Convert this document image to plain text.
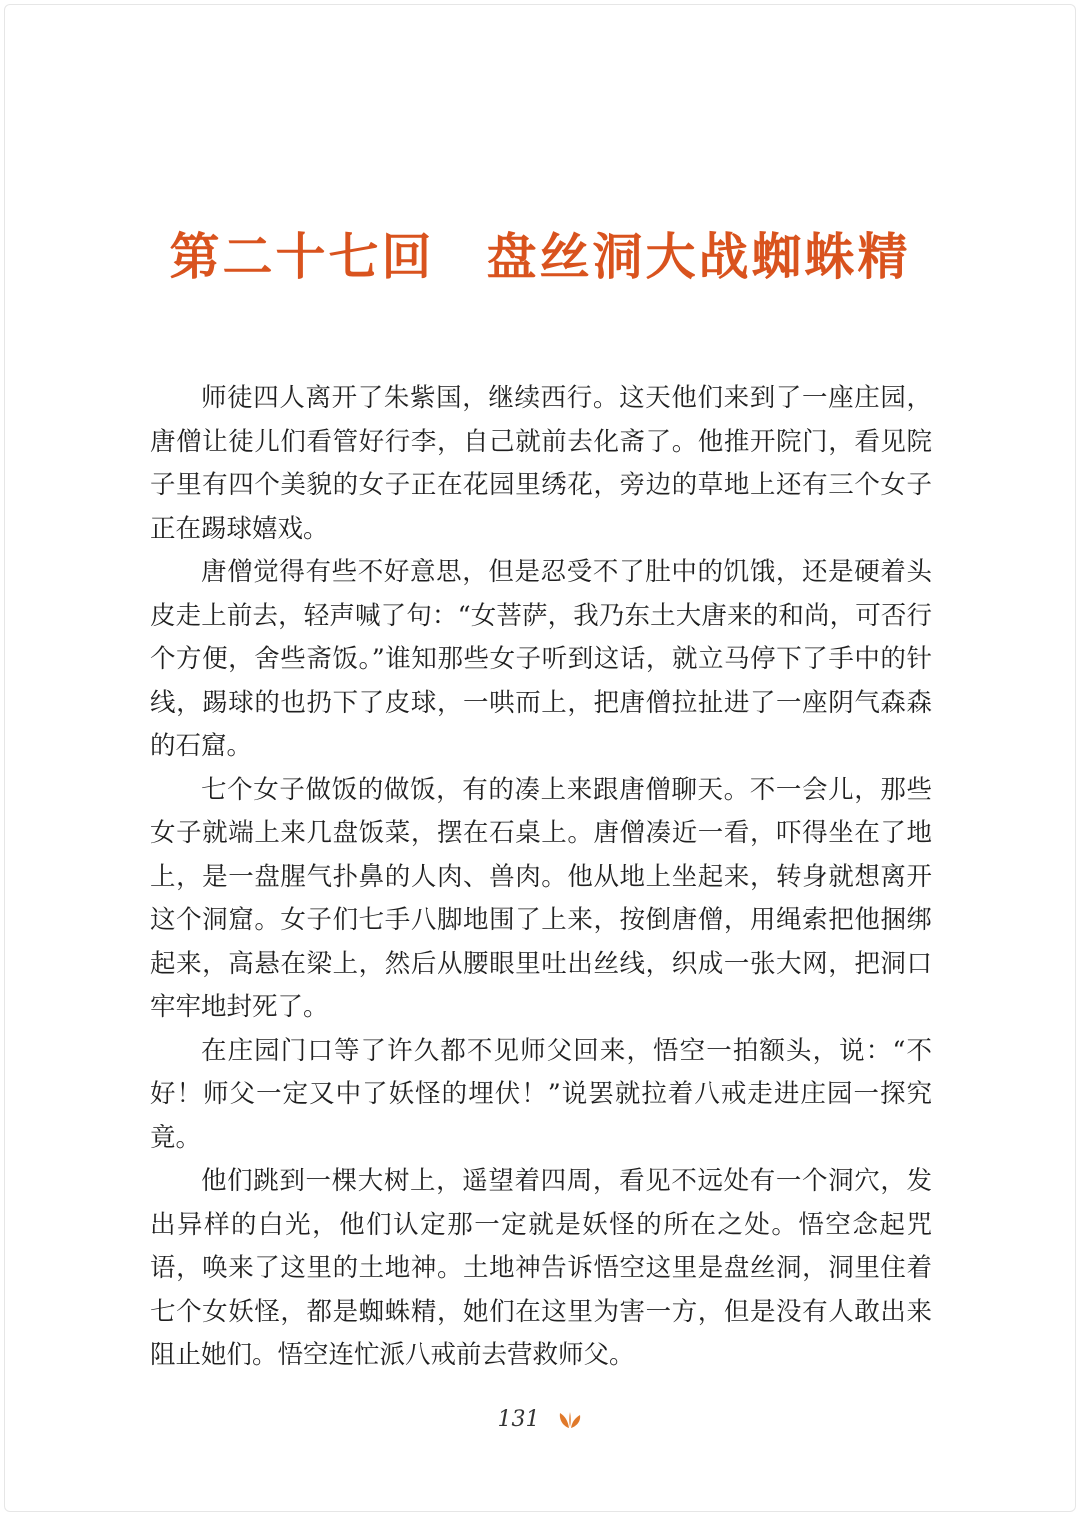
第二十七回 盘丝洞大战蜘蛛精

师徒四人离开了朱紫国，继续西行。这天他们来到了一座庄园，唐僧让徒儿们看管好行李，自己就前去化斋了。他推开院门，看见院子里有四个美貌的女子正在花园里绣花，旁边的草地上还有三个女子正在踢球嬉戏。

唐僧觉得有些不好意思，但是忍受不了肚中的饥饿，还是硬着头皮走上前去，轻声喊了句：“女菩萨，我乃东土大唐来的和尚，可否行个方便，舍些斋饭。”谁知那些女子听到这话，就立马停下了手中的针线，踢球的也扔下了皮球，一哄而上，把唐僧拉扯进了一座阴气森森的石窟。

七个女子做饭的做饭，有的凑上来跟唐僧聊天。不一会儿，那些女子就端上来几盘饭菜，摆在石桌上。唐僧凑近一看，吓得坐在了地上，是一盘腥气扑鼻的人肉、兽肉。他从地上坐起来，转身就想离开这个洞窟。女子们七手八脚地围了上来，按倒唐僧，用绳索把他捆绑起来，高悬在梁上，然后从腰眼里吐出丝线，织成一张大网，把洞口牢牢地封死了。

在庄园门口等了许久都不见师父回来，悟空一拍额头，说：“不好！师父一定又中了妖怪的埋伏！”说罢就拉着八戒走进庄园一探究竟。

他们跳到一棵大树上，遥望着四周，看见不远处有一个洞穴，发出异样的白光，他们认定那一定就是妖怪的所在之处。悟空念起咒语，唤来了这里的土地神。土地神告诉悟空这里是盘丝洞，洞里住着七个女妖怪，都是蜘蛛精，她们在这里为害一方，但是没有人敢出来阻止她们。悟空连忙派八戒前去营救师父。

131
